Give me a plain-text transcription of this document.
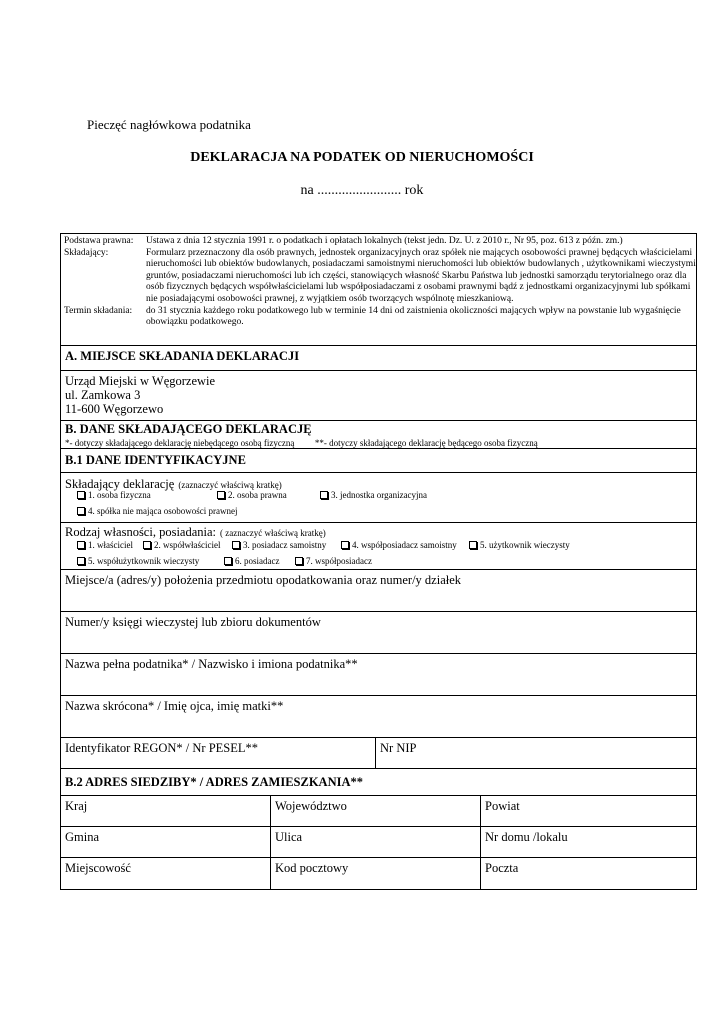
Pieczęć nagłówkowa podatnika
DEKLARACJA NA PODATEK OD NIERUCHOMOŚCI
na ........................ rok
Podstawa prawna:	Ustawa z dnia 12 stycznia 1991 r. o podatkach i opłatach lokalnych (tekst jedn. Dz. U. z 2010 r., Nr 95, poz. 613 z późn. zm.)
Składający:	Formularz przeznaczony dla osób prawnych, jednostek organizacyjnych oraz spółek nie mających osobowości prawnej będących właścicielami nieruchomości lub obiektów budowlanych, posiadaczami samoistnymi nieruchomości lub obiektów budowlanych , użytkownikami wieczystymi gruntów, posiadaczami nieruchomości lub ich części, stanowiących własność Skarbu Państwa lub jednostki samorządu terytorialnego oraz dla osób fizycznych będących współwłaścicielami lub współposiadaczami z osobami prawnymi bądź z jednostkami organizacyjnymi lub spółkami nie posiadającymi osobowości prawnej, z wyjątkiem osób tworzących wspólnotę mieszkaniową.
Termin składania:	do 31 stycznia każdego roku podatkowego lub w terminie 14 dni od zaistnienia okoliczności mających wpływ na powstanie lub wygaśnięcie obowiązku podatkowego.
A. MIEJSCE SKŁADANIA DEKLARACJI
Urząd Miejski w Węgorzewie
ul. Zamkowa 3
11-600 Węgorzewo
B. DANE SKŁADAJĄCEGO DEKLARACJĘ
*- dotyczy składającego deklarację niebędącego osobą fizyczną **- dotyczy składającego deklarację będącego osoba fizyczną
B.1 DANE IDENTYFIKACYJNE
Składający deklarację (zaznaczyć właściwą kratkę)
1. osoba fizyczna	2. osoba prawna	3. jednostka organizacyjna
4. spółka nie mająca osobowości prawnej
Rodzaj własności, posiadania: ( zaznaczyć właściwą kratkę)
1. właściciel	2. współwłaściciel	3. posiadacz samoistny	4. współposiadacz samoistny	5. użytkownik wieczysty
5. współużytkownik wieczysty	6. posiadacz	7. współposiadacz
Miejsce/a (adres/y) położenia przedmiotu opodatkowania oraz numer/y działek
Numer/y księgi wieczystej lub zbioru dokumentów
Nazwa pełna podatnika* / Nazwisko i imiona podatnika**
Nazwa skrócona* / Imię ojca, imię matki**
Identyfikator REGON* / Nr PESEL**	Nr NIP
B.2 ADRES SIEDZIBY* / ADRES ZAMIESZKANIA**
Kraj	Województwo	Powiat
Gmina	Ulica	Nr domu /lokalu
Miejscowość	Kod pocztowy	Poczta
